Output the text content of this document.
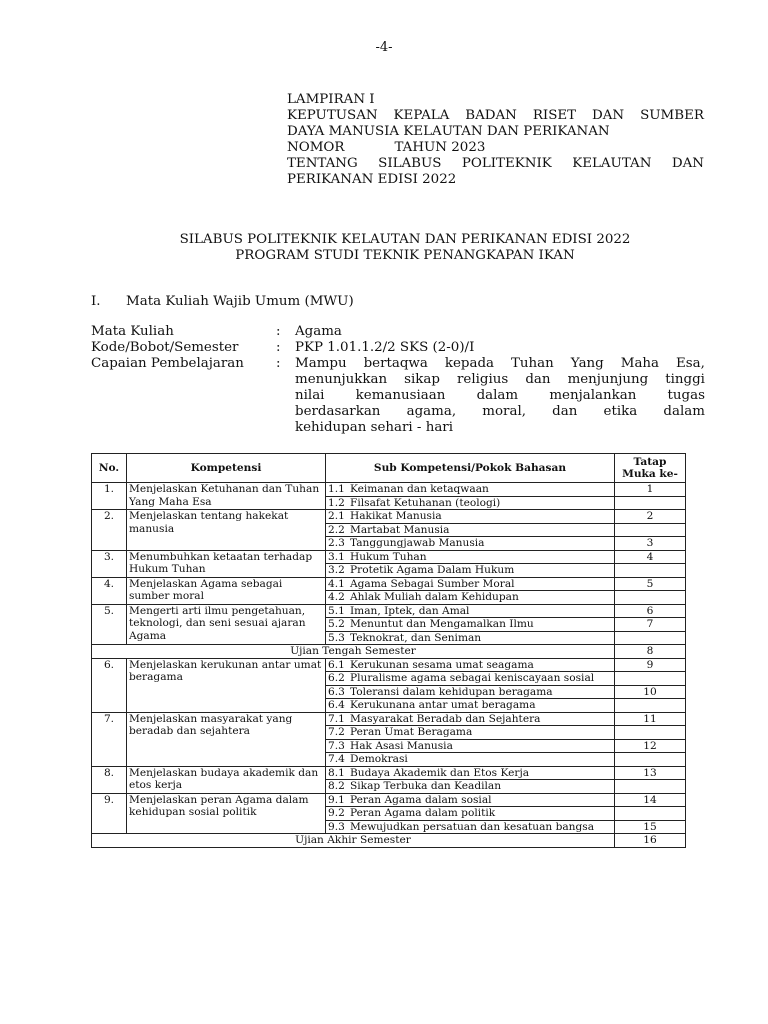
-4-
LAMPIRAN I
KEPUTUSAN KEPALA BADAN RISET DAN SUMBER
DAYA MANUSIA KELAUTAN DAN PERIKANAN
NOMOR	TAHUN 2023
TENTANG SILABUS POLITEKNIK KELAUTAN DAN
PERIKANAN EDISI 2022
SILABUS POLITEKNIK KELAUTAN DAN PERIKANAN EDISI 2022
PROGRAM STUDI TEKNIK PENANGKAPAN IKAN
I. Mata Kuliah Wajib Umum (MWU)
Mata Kuliah	: Agama
Kode/Bobot/Semester	: PKP 1.01.1.2/2 SKS (2-0)/I
Capaian Pembelajaran : Mampu bertaqwa kepada Tuhan Yang Maha Esa,
menunjukkan sikap religius dan menjunjung tinggi
nilai kemanusiaan dalam menjalankan tugas
berdasarkan agama, moral, dan etika dalam
kehidupan sehari - hari
No.	Kompetensi	Sub Kompetensi/Pokok Bahasan	Tatap Muka ke-
1.	Menjelaskan Ketuhanan dan Tuhan Yang Maha Esa	1.1 Keimanan dan ketaqwaan	1

		1.2 Filsafat Ketuhanan (teologi)	

2.	Menjelaskan tentang hakekat manusia	2.1 Hakikat Manusia	2

		2.2 Martabat Manusia	

		2.3 Tanggungjawab Manusia	3
3.	Menumbuhkan ketaatan terhadap Hukum Tuhan	3.1 Hukum Tuhan	4

		3.2 Protetik Agama Dalam Hukum	

4.	Menjelaskan Agama sebagai sumber moral	4.1 Agama Sebagai Sumber Moral	5

		4.2 Ahlak Muliah dalam Kehidupan	

5.	Mengerti arti ilmu pengetahuan, teknologi, dan seni sesuai ajaran Agama	5.1 Iman, Iptek, dan Amal	6

		5.2 Menuntut dan Mengamalkan Ilmu	7

		5.3 Teknokrat, dan Seniman	

Ujian Tengah Semester			8
6.	Menjelaskan kerukunan antar umat beragama	6.1 Kerukunan sesama umat seagama	9

		6.2 Pluralisme agama sebagai keniscayaan sosial	

		6.3 Toleransi dalam kehidupan beragama	10

		6.4 Kerukunana antar umat beragama	

7.	Menjelaskan masyarakat yang beradab dan sejahtera	7.1 Masyarakat Beradab dan Sejahtera	11

		7.2 Peran Umat Beragama	

		7.3 Hak Asasi Manusia	12

		7.4 Demokrasi	

8.	Menjelaskan budaya akademik dan etos kerja	8.1 Budaya Akademik dan Etos Kerja	13

		8.2 Sikap Terbuka dan Keadilan	

9.	Menjelaskan peran Agama dalam kehidupan sosial politik	9.1 Peran Agama dalam sosial	14

		9.2 Peran Agama dalam politik	

		9.3 Mewujudkan persatuan dan kesatuan bangsa	15
Ujian Akhir Semester			16
